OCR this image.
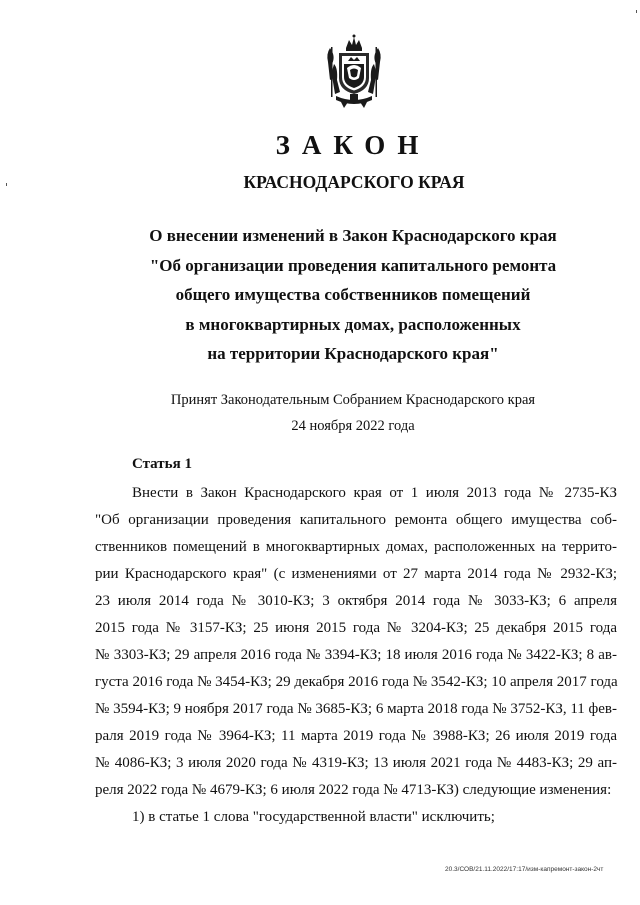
ЗАКОН
КРАСНОДАРСКОГО КРАЯ
О внесении изменений в Закон Краснодарского края
"Об организации проведения капитального ремонта
общего имущества собственников помещений
в многоквартирных домах, расположенных
на территории Краснодарского края"
Принят Законодательным Собранием Краснодарского края
24 ноября 2022 года
Статья 1
Внести в Закон Краснодарского края от 1 июля 2013 года № 2735-КЗ
"Об организации проведения капитального ремонта общего имущества соб-
ственников помещений в многоквартирных домах, расположенных на террито-
рии Краснодарского края" (с изменениями от 27 марта 2014 года № 2932-КЗ;
23 июля 2014 года № 3010-КЗ; 3 октября 2014 года № 3033-КЗ; 6 апреля
2015 года № 3157-КЗ; 25 июня 2015 года № 3204-КЗ; 25 декабря 2015 года
№ 3303-КЗ; 29 апреля 2016 года № 3394-КЗ; 18 июля 2016 года № 3422-КЗ; 8 ав-
густа 2016 года № 3454-КЗ; 29 декабря 2016 года № 3542-КЗ; 10 апреля 2017 года
№ 3594-КЗ; 9 ноября 2017 года № 3685-КЗ; 6 марта 2018 года № 3752-КЗ, 11 фев-
раля 2019 года № 3964-КЗ; 11 марта 2019 года № 3988-КЗ; 26 июля 2019 года
№ 4086-КЗ; 3 июля 2020 года № 4319-КЗ; 13 июля 2021 года № 4483-КЗ; 29 ап-
реля 2022 года № 4679-КЗ; 6 июля 2022 года № 4713-КЗ) следующие изменения:
1) в статье 1 слова "государственной власти" исключить;
20.3/СОВ/21.11.2022/17:17/изм-капремонт-закон-2чт
